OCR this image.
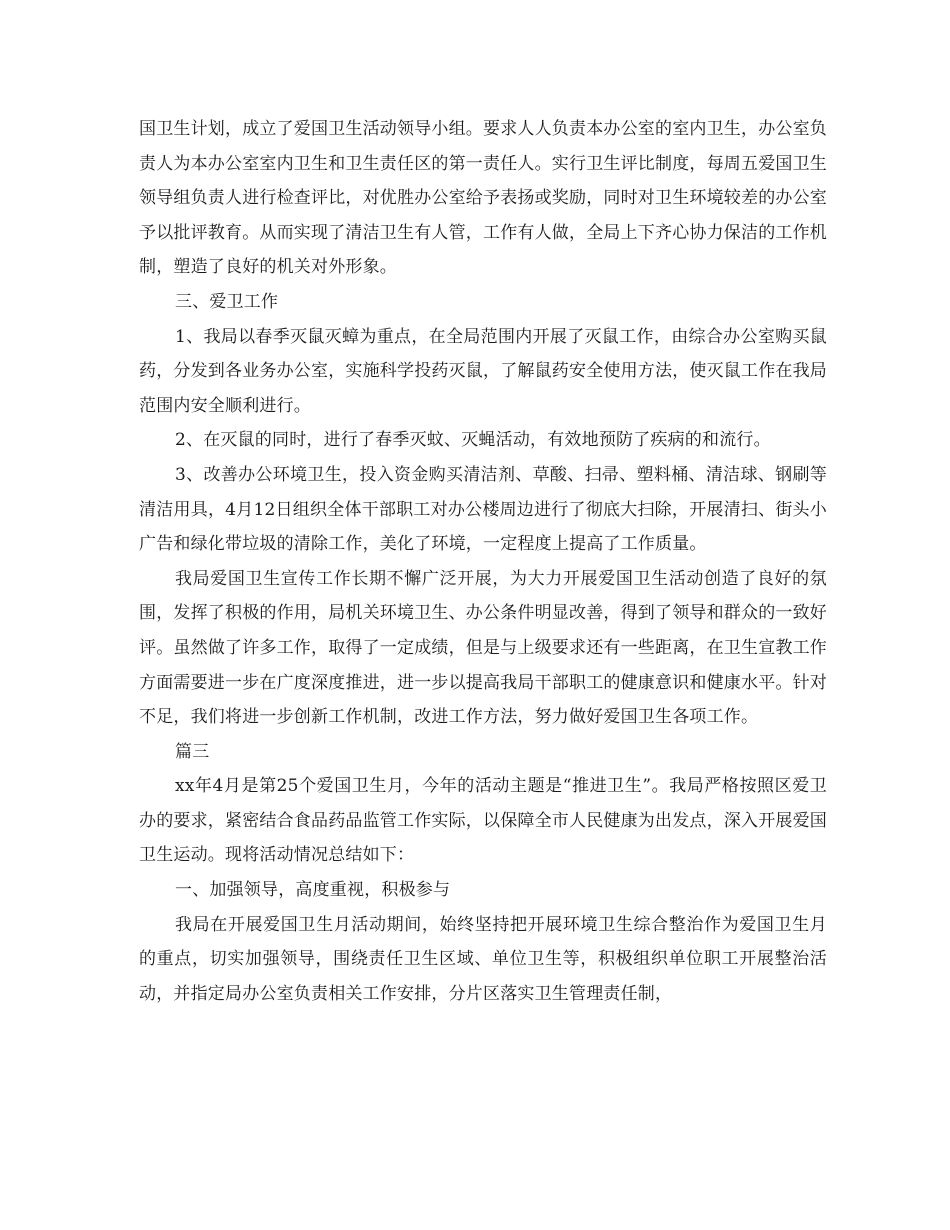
国卫生计划，成立了爱国卫生活动领导小组。要求人人负责本办公室的室内卫生，办公室负责人为本办公室室内卫生和卫生责任区的第一责任人。实行卫生评比制度，每周五爱国卫生领导组负责人进行检查评比，对优胜办公室给予表扬或奖励，同时对卫生环境较差的办公室予以批评教育。从而实现了清洁卫生有人管，工作有人做，全局上下齐心协力保洁的工作机制，塑造了良好的机关对外形象。

三、爱卫工作

1、我局以春季灭鼠灭蟑为重点，在全局范围内开展了灭鼠工作，由综合办公室购买鼠药，分发到各业务办公室，实施科学投药灭鼠，了解鼠药安全使用方法，使灭鼠工作在我局范围内安全顺利进行。

2、在灭鼠的同时，进行了春季灭蚊、灭蝇活动，有效地预防了疾病的和流行。

3、改善办公环境卫生，投入资金购买清洁剂、草酸、扫帚、塑料桶、清洁球、钢刷等清洁用具，4月12日组织全体干部职工对办公楼周边进行了彻底大扫除，开展清扫、街头小广告和绿化带垃圾的清除工作，美化了环境，一定程度上提高了工作质量。

我局爱国卫生宣传工作长期不懈广泛开展，为大力开展爱国卫生活动创造了良好的氛围，发挥了积极的作用，局机关环境卫生、办公条件明显改善，得到了领导和群众的一致好评。虽然做了许多工作，取得了一定成绩，但是与上级要求还有一些距离，在卫生宣教工作方面需要进一步在广度深度推进，进一步以提高我局干部职工的健康意识和健康水平。针对不足，我们将进一步创新工作机制，改进工作方法，努力做好爱国卫生各项工作。

篇三

xx年4月是第25个爱国卫生月，今年的活动主题是“推进卫生”。我局严格按照区爱卫办的要求，紧密结合食品药品监管工作实际，以保障全市人民健康为出发点，深入开展爱国卫生运动。现将活动情况总结如下：

一、加强领导，高度重视，积极参与

我局在开展爱国卫生月活动期间，始终坚持把开展环境卫生综合整治作为爱国卫生月的重点，切实加强领导，围绕责任卫生区域、单位卫生等，积极组织单位职工开展整治活动，并指定局办公室负责相关工作安排，分片区落实卫生管理责任制，
